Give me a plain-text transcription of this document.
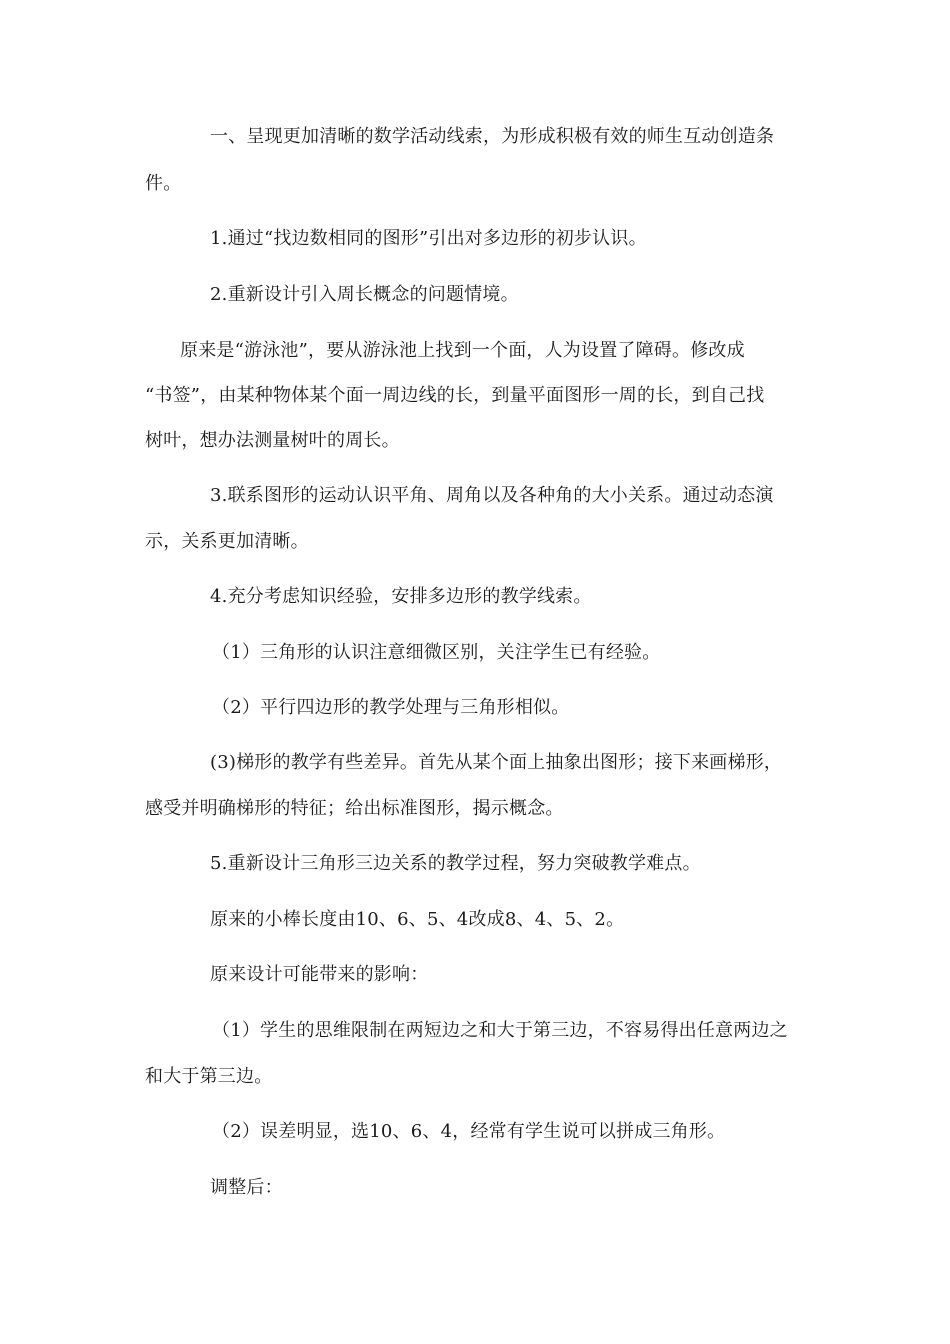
一、呈现更加清晰的数学活动线索，为形成积极有效的师生互动创造条
件。
1.通过“找边数相同的图形”引出对多边形的初步认识。
2.重新设计引入周长概念的问题情境。
原来是“游泳池”，要从游泳池上找到一个面，人为设置了障碍。修改成
“书签”，由某种物体某个面一周边线的长，到量平面图形一周的长，到自己找
树叶，想办法测量树叶的周长。
3.联系图形的运动认识平角、周角以及各种角的大小关系。通过动态演
示，关系更加清晰。
4.充分考虑知识经验，安排多边形的教学线索。
（1）三角形的认识注意细微区别，关注学生已有经验。
（2）平行四边形的教学处理与三角形相似。
(3)梯形的教学有些差异。首先从某个面上抽象出图形；接下来画梯形，
感受并明确梯形的特征；给出标准图形，揭示概念。
5.重新设计三角形三边关系的教学过程，努力突破教学难点。
原来的小棒长度由10、6、5、4改成8、4、5、2。
原来设计可能带来的影响：
（1）学生的思维限制在两短边之和大于第三边，不容易得出任意两边之
和大于第三边。
（2）误差明显，选10、6、4，经常有学生说可以拼成三角形。
调整后：
